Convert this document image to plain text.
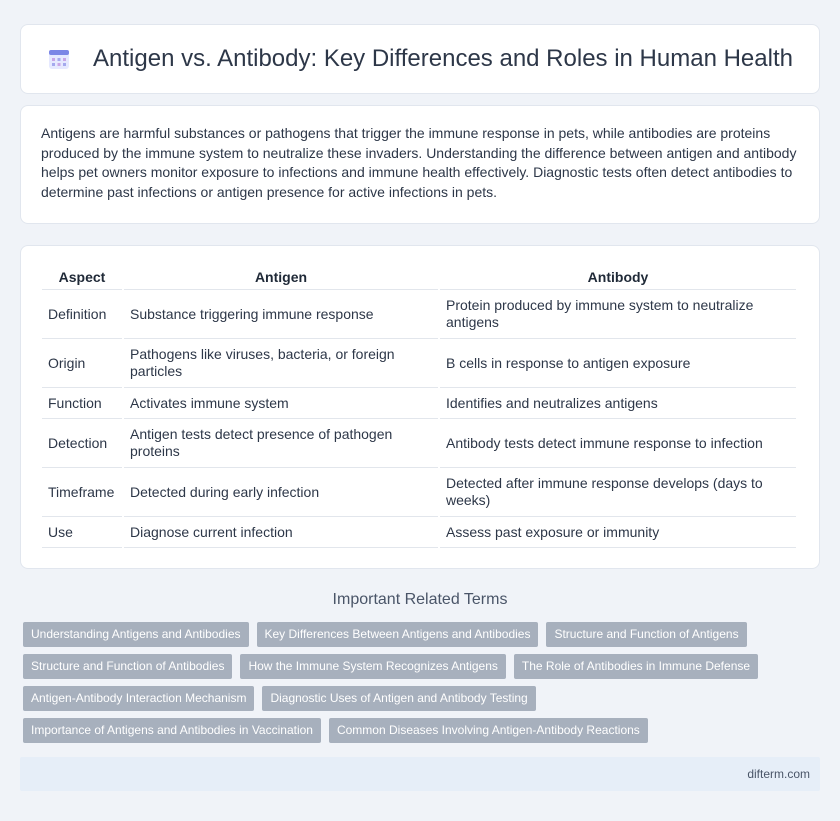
Antigen vs. Antibody: Key Differences and Roles in Human Health

Antigens are harmful substances or pathogens that trigger the immune response in pets, while antibodies are proteins produced by the immune system to neutralize these invaders. Understanding the difference between antigen and antibody helps pet owners monitor exposure to infections and immune health effectively. Diagnostic tests often detect antibodies to determine past infections or antigen presence for active infections in pets.

Aspect	Antigen	Antibody
Definition	Substance triggering immune response	Protein produced by immune system to neutralize antigens
Origin	Pathogens like viruses, bacteria, or foreign particles	B cells in response to antigen exposure
Function	Activates immune system	Identifies and neutralizes antigens
Detection	Antigen tests detect presence of pathogen proteins	Antibody tests detect immune response to infection
Timeframe	Detected during early infection	Detected after immune response develops (days to weeks)
Use	Diagnose current infection	Assess past exposure or immunity
Important Related Terms
Understanding Antigens and Antibodies	Key Differences Between Antigens and Antibodies	Structure and Function of Antigens
Structure and Function of Antibodies	How the Immune System Recognizes Antigens	The Role of Antibodies in Immune Defense
Antigen-Antibody Interaction Mechanism	Diagnostic Uses of Antigen and Antibody Testing
Importance of Antigens and Antibodies in Vaccination	Common Diseases Involving Antigen-Antibody Reactions
difterm.com
